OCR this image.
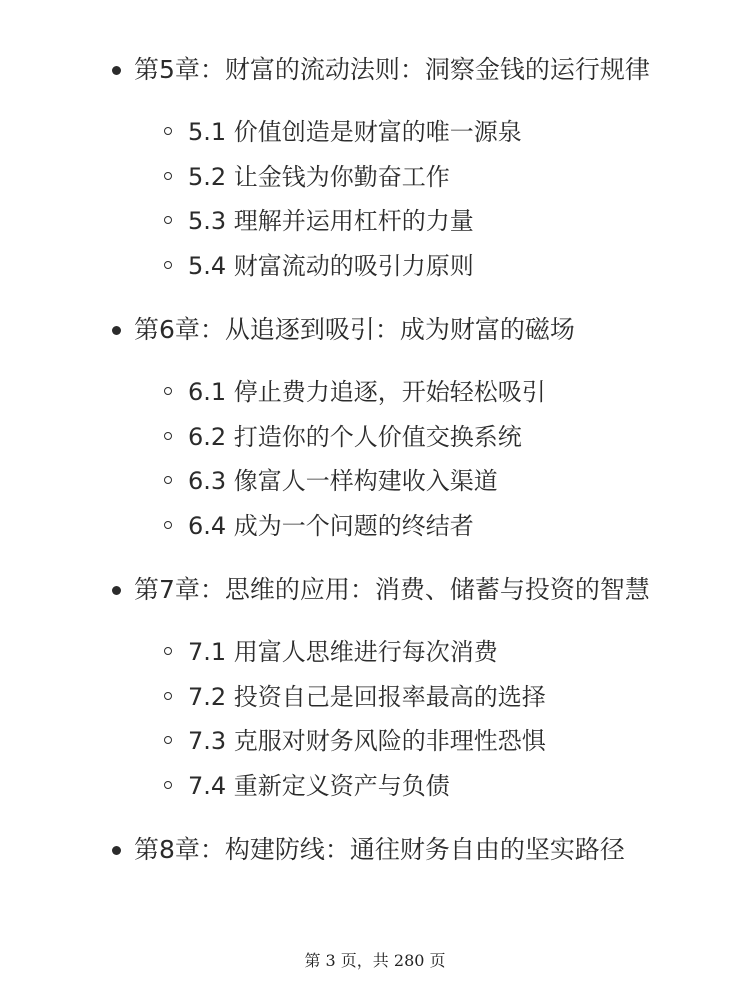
第5章：财富的流动法则：洞察金钱的运行规律
5.1 价值创造是财富的唯一源泉
5.2 让金钱为你勤奋工作
5.3 理解并运用杠杆的力量
5.4 财富流动的吸引力原则
第6章：从追逐到吸引：成为财富的磁场
6.1 停止费力追逐，开始轻松吸引
6.2 打造你的个人价值交换系统
6.3 像富人一样构建收入渠道
6.4 成为一个问题的终结者
第7章：思维的应用：消费、储蓄与投资的智慧
7.1 用富人思维进行每次消费
7.2 投资自己是回报率最高的选择
7.3 克服对财务风险的非理性恐惧
7.4 重新定义资产与负债
第8章：构建防线：通往财务自由的坚实路径
第 3 页，共 280 页
